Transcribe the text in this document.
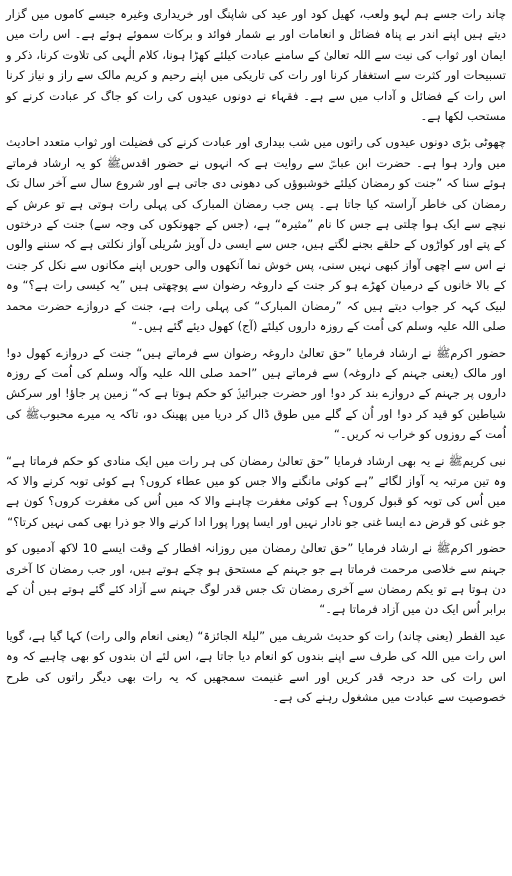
چاند رات جسے ہم لہو ولعب، کھیل کود اور عید کی شاپنگ اور خریداری وغیرہ جیسے کاموں میں گزار دیتے ہیں اپنے اندر بے پناہ فضائل و انعامات اور بے شمار فوائد و برکات سموئے ہوئے ہے۔ اس رات میں ایمان اور ثواب کی نیت سے اللہ تعالیٰ کے سامنے عبادت کیلئے کھڑا ہونا، کلام الٰہی کی تلاوت کرنا، ذکر و تسبیحات اور کثرت سے استغفار کرنا اور رات کی تاریکی میں اپنے رحیم و کریم مالک سے راز و نیاز کرنا اس رات کے فضائل و آداب میں سے ہے۔ فقہاء نے دونوں عیدوں کی رات کو جاگ کر عبادت کرنے کو مستحب لکھا ہے۔

چھوٹی بڑی دونوں عیدوں کی راتوں میں شب بیداری اور عبادت کرنے کی فضیلت اور ثواب متعدد احادیث میں وارد ہوا ہے۔ حضرت ابن عباسؓ سے روایت ہے کہ انہوں نے حضور اقدسﷺ کو یہ ارشاد فرماتے ہوئے سنا کہ ”جنت کو رمضان کیلئے خوشبوؤں کی دھونی دی جاتی ہے اور شروع سال سے آخر سال تک رمضان کی خاطر آراستہ کیا جاتا ہے۔ پس جب رمضان المبارک کی پہلی رات ہوتی ہے تو عرش کے نیچے سے ایک ہوا چلتی ہے جس کا نام ”مثیرہ“ ہے، (جس کے جھونکوں کی وجہ سے) جنت کے درختوں کے پتے اور کواڑوں کے حلقے بجنے لگتے ہیں، جس سے ایسی دل آویز سُریلی آواز نکلتی ہے کہ سننے والوں نے اس سے اچھی آواز کبھی نہیں سنی، پس خوش نما آنکھوں والی حوریں اپنے مکانوں سے نکل کر جنت کے بالا خانوں کے درمیان کھڑے ہو کر جنت کے داروغہ رضوان سے پوچھتی ہیں ”یہ کیسی رات ہے؟“ وہ لبیک کہہ کر جواب دیتے ہیں کہ ”رمضان المبارک“ کی پہلی رات ہے، جنت کے دروازے حضرت محمد صلی اللہ علیہ وسلم کی اُمت کے روزہ داروں کیلئے (آج) کھول دیئے گئے ہیں۔“

حضور اکرمﷺ نے ارشاد فرمایا ”حق تعالیٰ داروغہ رضوان سے فرماتے ہیں“ جنت کے دروازے کھول دو! اور مالک (یعنی جہنم کے داروغہ) سے فرماتے ہیں ”احمد صلی اللہ علیہ وآلہ وسلم کی اُمت کے روزہ داروں پر جہنم کے دروازے بند کر دو! اور حضرت جبرائیلؑ کو حکم ہوتا ہے کہ“ زمین پر جاؤ! اور سرکش شیاطین کو قید کر دو! اور اُن کے گلے میں طوق ڈال کر دریا میں پھینک دو، تاکہ یہ میرے محبوبﷺ کی اُمت کے روزوں کو خراب نہ کریں۔“

نبی کریمﷺ نے یہ بھی ارشاد فرمایا ”حق تعالیٰ رمضان کی ہر رات میں ایک منادی کو حکم فرماتا ہے“ وہ تین مرتبہ یہ آواز لگائے ”ہے کوئی مانگنے والا جس کو میں عطاء کروں؟ ہے کوئی توبہ کرنے والا کہ میں اُس کی توبہ کو قبول کروں؟ ہے کوئی مغفرت چاہنے والا کہ میں اُس کی مغفرت کروں؟ کون ہے جو غنی کو قرض دے ایسا غنی جو نادار نہیں اور ایسا پورا پورا ادا کرنے والا جو ذرا بھی کمی نہیں کرتا؟“

حضور اکرمﷺ نے ارشاد فرمایا ”حق تعالیٰ رمضان میں روزانہ افطار کے وقت ایسے 10 لاکھ آدمیوں کو جہنم سے خلاصی مرحمت فرماتا ہے جو جہنم کے مستحق ہو چکے ہوتے ہیں، اور جب رمضان کا آخری دن ہوتا ہے تو یکم رمضان سے آخری رمضان تک جس قدر لوگ جہنم سے آزاد کئے گئے ہوتے ہیں اُن کے برابر اُس ایک دن میں آزاد فرماتا ہے۔“

عید الفطر (یعنی چاند) رات کو حدیث شریف میں ”لیلۃ الجائزۃ“ (یعنی انعام والی رات) کہا گیا ہے، گویا اس رات میں اللہ کی طرف سے اپنے بندوں کو انعام دیا جاتا ہے، اس لئے ان بندوں کو بھی چاہیے کہ وہ اس رات کی حد درجہ قدر کریں اور اسے غنیمت سمجھیں کہ یہ رات بھی دیگر راتوں کی طرح خصوصیت سے عبادت میں مشغول رہنے کی ہے۔
